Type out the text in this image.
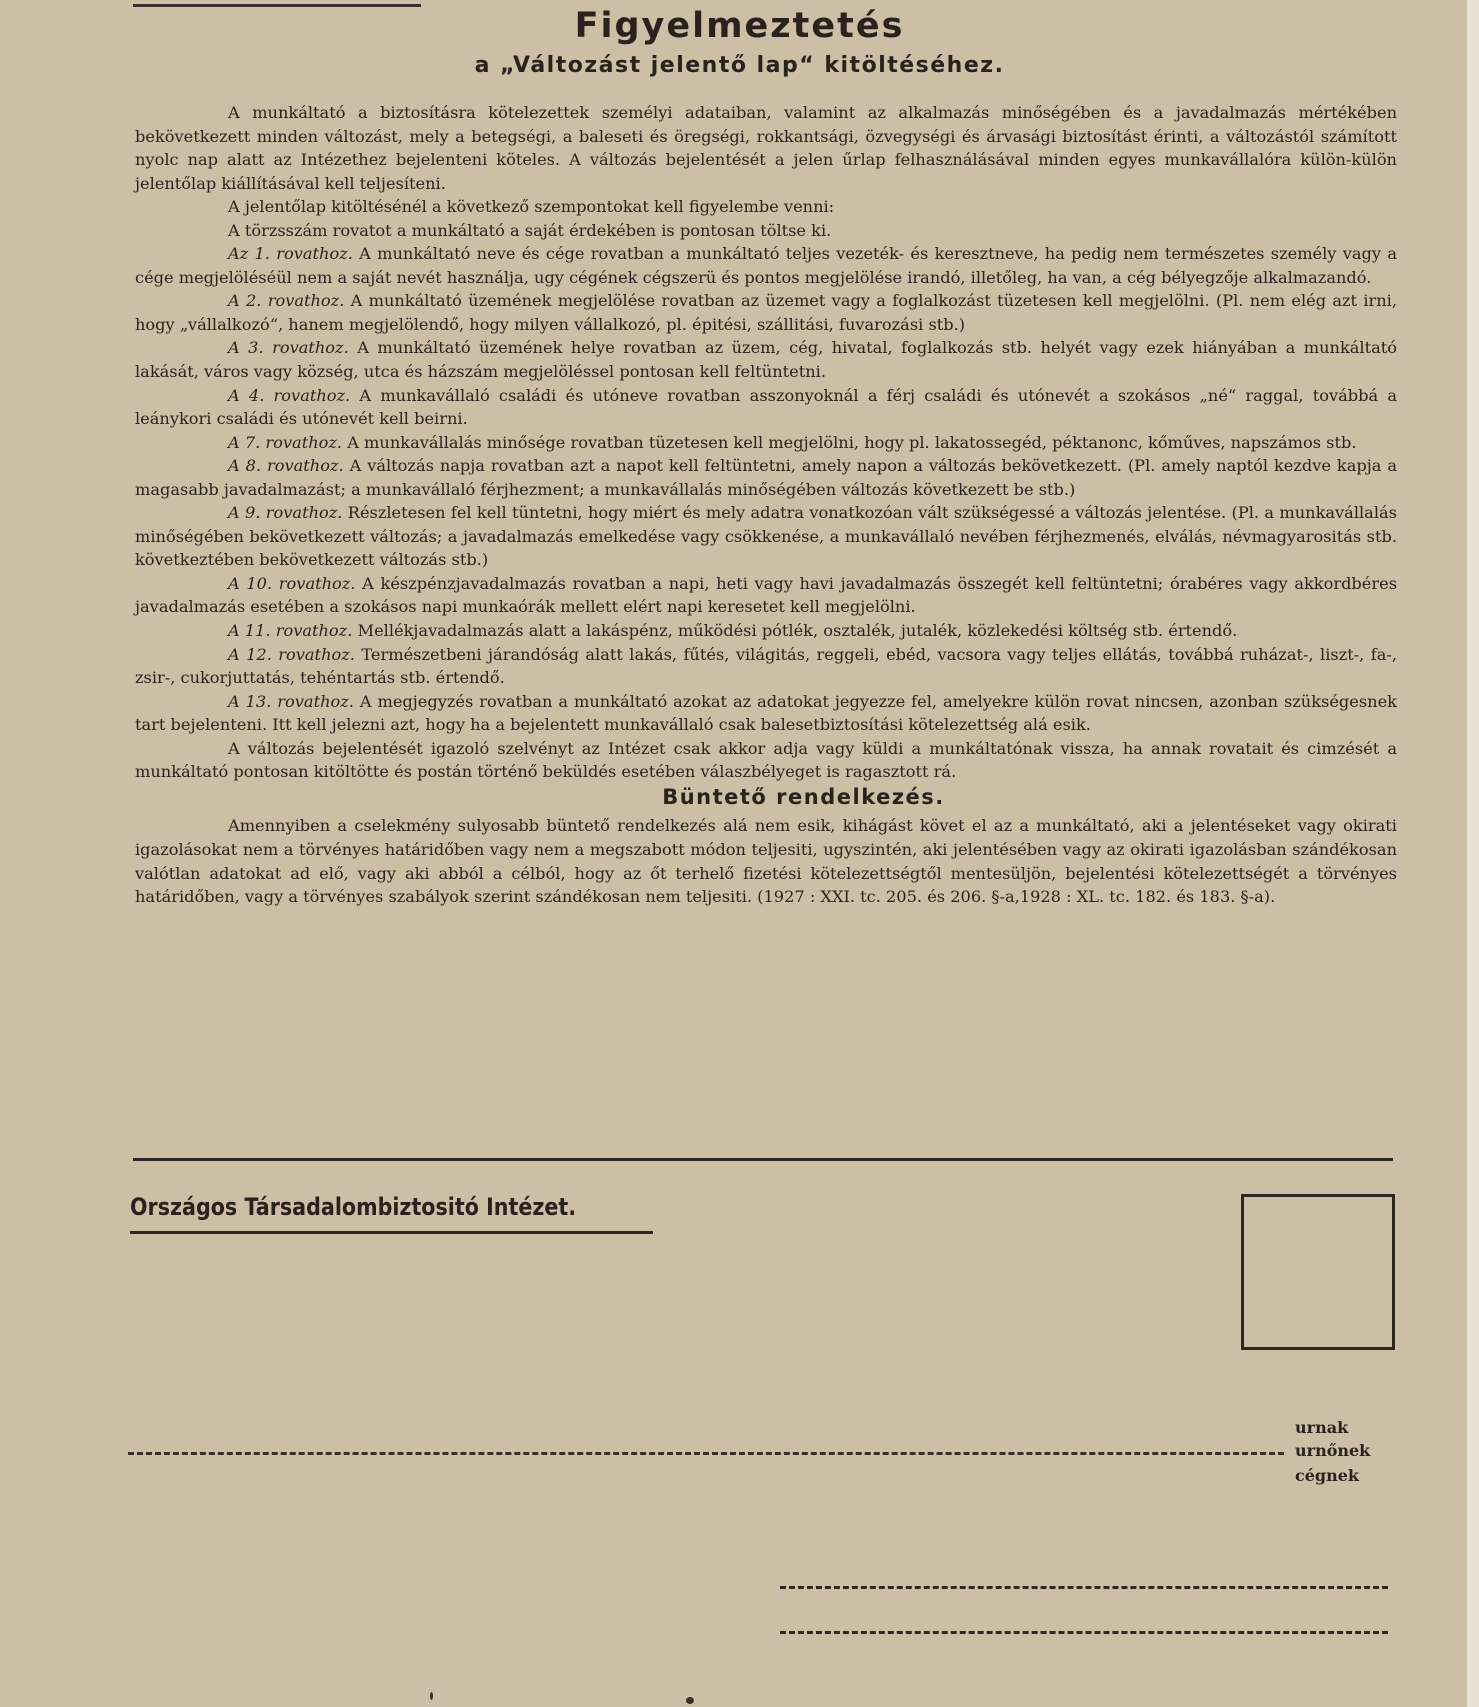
Figyelmeztetés
a „Változást jelentő lap“ kitöltéséhez.

A munkáltató a biztosításra kötelezettek személyi adataiban, valamint az alkalmazás minőségében és a javadalmazás mértékében bekövetkezett minden változást, mely a betegségi, a baleseti és öregségi, rokkantsági, özvegységi és árvasági biztosítást érinti, a változástól számított nyolc nap alatt az Intézethez bejelenteni köteles. A változás bejelentését a jelen űrlap felhasználásával minden egyes munkavállalóra külön-külön jelentőlap kiállításával kell teljesíteni.

A jelentőlap kitöltésénél a következő szempontokat kell figyelembe venni:

A törzsszám rovatot a munkáltató a saját érdekében is pontosan töltse ki.

Az 1. rovathoz. A munkáltató neve és cége rovatban a munkáltató teljes vezeték- és keresztneve, ha pedig nem természetes személy vagy a cége megjelöléséül nem a saját nevét használja, ugy cégének cégszerü és pontos megjelölése irandó, illetőleg, ha van, a cég bélyegzője alkalmazandó.

A 2. rovathoz. A munkáltató üzemének megjelölése rovatban az üzemet vagy a foglalkozást tüzetesen kell megjelölni. (Pl. nem elég azt irni, hogy „vállalkozó“, hanem megjelölendő, hogy milyen vállalkozó, pl. épitési, szállitási, fuvarozási stb.)

A 3. rovathoz. A munkáltató üzemének helye rovatban az üzem, cég, hivatal, foglalkozás stb. helyét vagy ezek hiányában a munkáltató lakását, város vagy község, utca és házszám megjelöléssel pontosan kell feltüntetni.

A 4. rovathoz. A munkavállaló családi és utóneve rovatban asszonyoknál a férj családi és utónevét a szokásos „né“ raggal, továbbá a leánykori családi és utónevét kell beirni.

A 7. rovathoz. A munkavállalás minősége rovatban tüzetesen kell megjelölni, hogy pl. lakatossegéd, péktanonc, kőműves, napszámos stb.

A 8. rovathoz. A változás napja rovatban azt a napot kell feltüntetni, amely napon a változás bekövetkezett. (Pl. amely naptól kezdve kapja a magasabb javadalmazást; a munkavállaló férjhezment; a munkavállalás minőségében változás következett be stb.)

A 9. rovathoz. Részletesen fel kell tüntetni, hogy miért és mely adatra vonatkozóan vált szükségessé a változás jelentése. (Pl. a munkavállalás minőségében bekövetkezett változás; a javadalmazás emelkedése vagy csökkenése, a munkavállaló nevében férjhezmenés, elválás, névmagyarositás stb. következtében bekövetkezett változás stb.)

A 10. rovathoz. A készpénzjavadalmazás rovatban a napi, heti vagy havi javadalmazás összegét kell feltüntetni; órabéres vagy akkordbéres javadalmazás esetében a szokásos napi munkaórák mellett elért napi keresetet kell megjelölni.

A 11. rovathoz. Mellékjavadalmazás alatt a lakáspénz, működési pótlék, osztalék, jutalék, közlekedési költség stb. értendő.

A 12. rovathoz. Természetbeni járandóság alatt lakás, fűtés, világitás, reggeli, ebéd, vacsora vagy teljes ellátás, továbbá ruházat-, liszt-, fa-, zsir-, cukorjuttatás, tehéntartás stb. értendő.

A 13. rovathoz. A megjegyzés rovatban a munkáltató azokat az adatokat jegyezze fel, amelyekre külön rovat nincsen, azonban szükségesnek tart bejelenteni. Itt kell jelezni azt, hogy ha a bejelentett munkavállaló csak balesetbiztosítási kötelezettség alá esik.

A változás bejelentését igazoló szelvényt az Intézet csak akkor adja vagy küldi a munkáltatónak vissza, ha annak rovatait és cimzését a munkáltató pontosan kitöltötte és postán történő beküldés esetében válaszbélyeget is ragasztott rá.

Büntető rendelkezés.

Amennyiben a cselekmény sulyosabb büntető rendelkezés alá nem esik, kihágást követ el az a munkáltató, aki a jelentéseket vagy okirati igazolásokat nem a törvényes határidőben vagy nem a megszabott módon teljesiti, ugyszintén, aki jelentésében vagy az okirati igazolásban szándékosan valótlan adatokat ad elő, vagy aki abból a célból, hogy az őt terhelő fizetési kötelezettségtől mentesüljön, bejelentési kötelezettségét a törvényes határidőben, vagy a törvényes szabályok szerint szándékosan nem teljesiti. (1927 : XXI. tc. 205. és 206. §-a,1928 : XL. tc. 182. és 183. §-a).

Országos Társadalombiztositó Intézet.
urnak
urnőnek
cégnek
